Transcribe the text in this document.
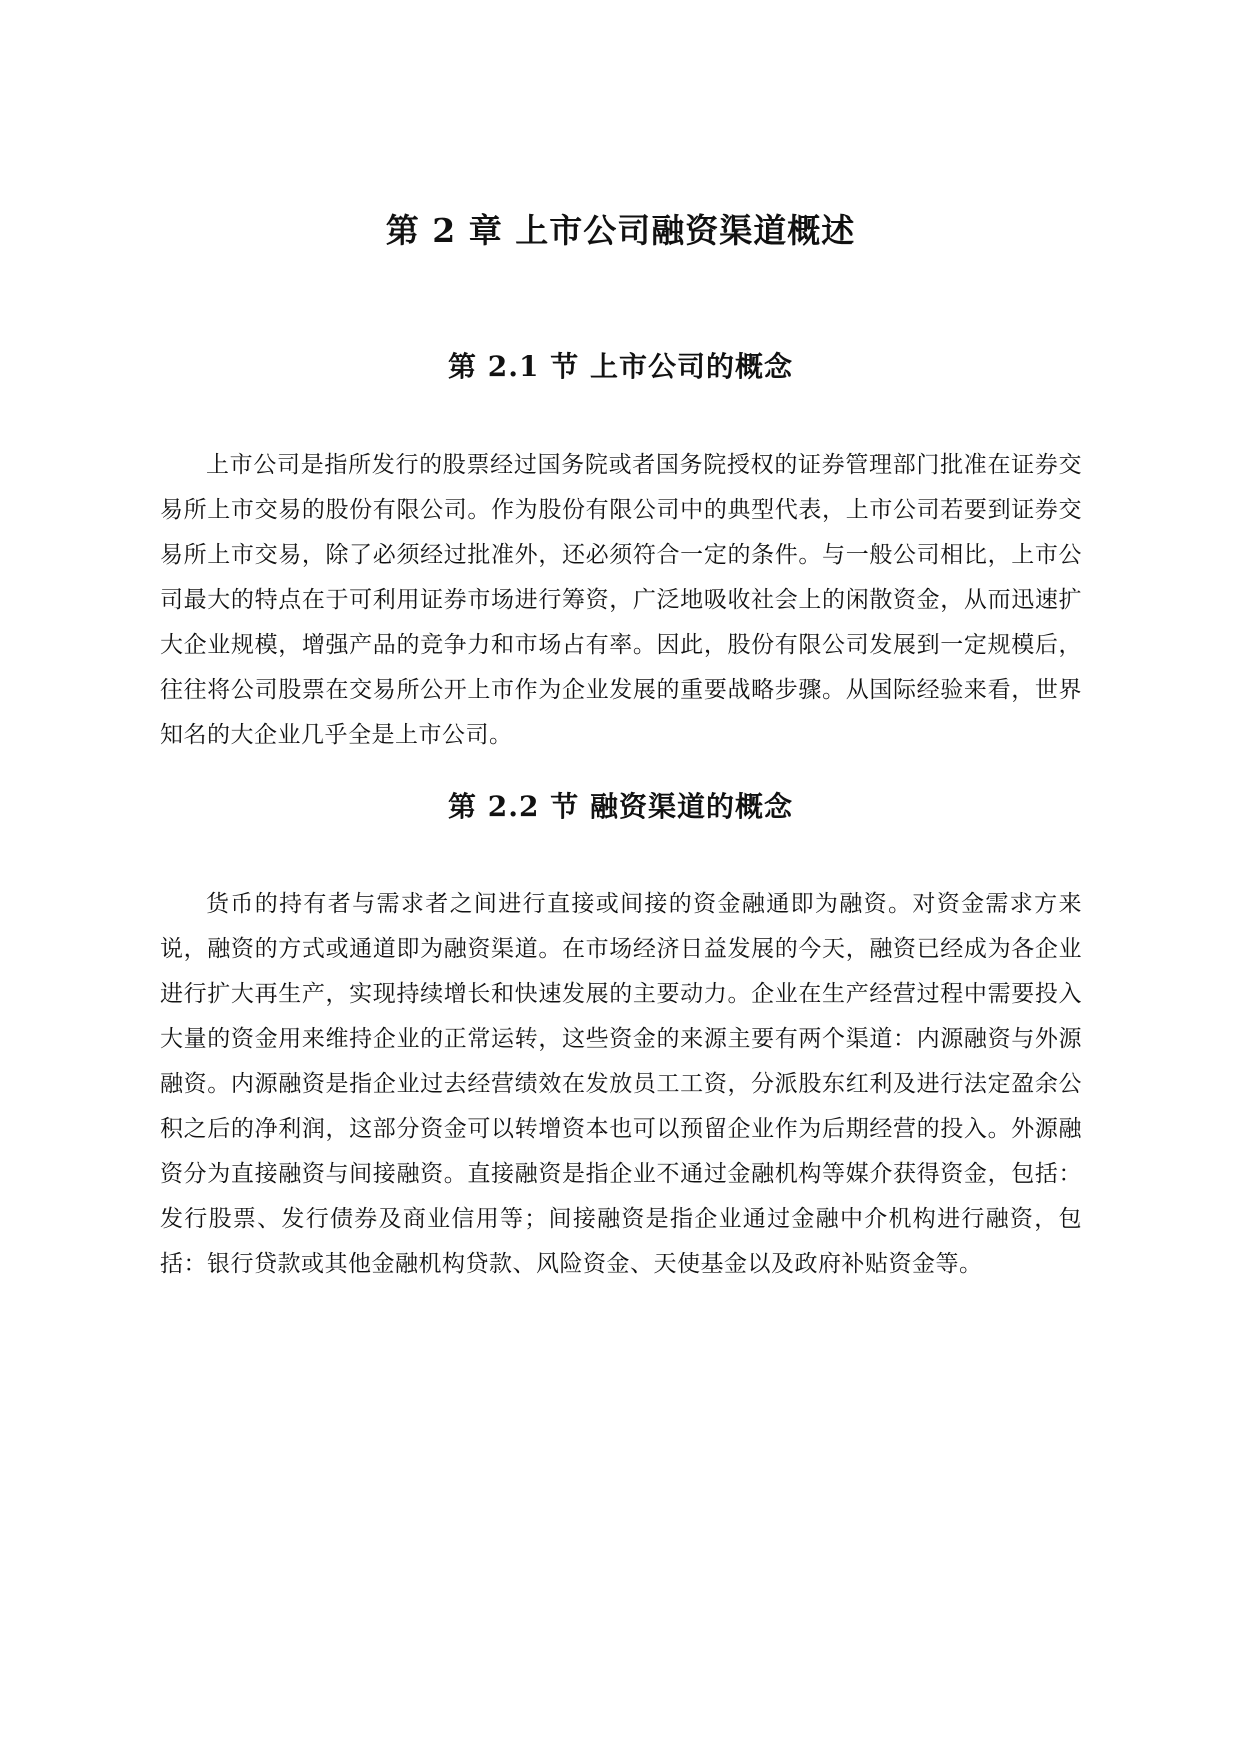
第 2 章 上市公司融资渠道概述
第 2.1 节 上市公司的概念

上市公司是指所发行的股票经过国务院或者国务院授权的证券管理部门批准在证券交易所上市交易的股份有限公司。作为股份有限公司中的典型代表，上市公司若要到证券交易所上市交易，除了必须经过批准外，还必须符合一定的条件。与一般公司相比，上市公司最大的特点在于可利用证券市场进行筹资，广泛地吸收社会上的闲散资金，从而迅速扩大企业规模，增强产品的竞争力和市场占有率。因此，股份有限公司发展到一定规模后，往往将公司股票在交易所公开上市作为企业发展的重要战略步骤。从国际经验来看，世界知名的大企业几乎全是上市公司。

第 2.2 节 融资渠道的概念

货币的持有者与需求者之间进行直接或间接的资金融通即为融资。对资金需求方来说，融资的方式或通道即为融资渠道。在市场经济日益发展的今天，融资已经成为各企业进行扩大再生产，实现持续增长和快速发展的主要动力。企业在生产经营过程中需要投入大量的资金用来维持企业的正常运转，这些资金的来源主要有两个渠道：内源融资与外源融资。内源融资是指企业过去经营绩效在发放员工工资，分派股东红利及进行法定盈余公积之后的净利润，这部分资金可以转增资本也可以预留企业作为后期经营的投入。外源融资分为直接融资与间接融资。直接融资是指企业不通过金融机构等媒介获得资金，包括：发行股票、发行债券及商业信用等；间接融资是指企业通过金融中介机构进行融资，包括：银行贷款或其他金融机构贷款、风险资金、天使基金以及政府补贴资金等。
